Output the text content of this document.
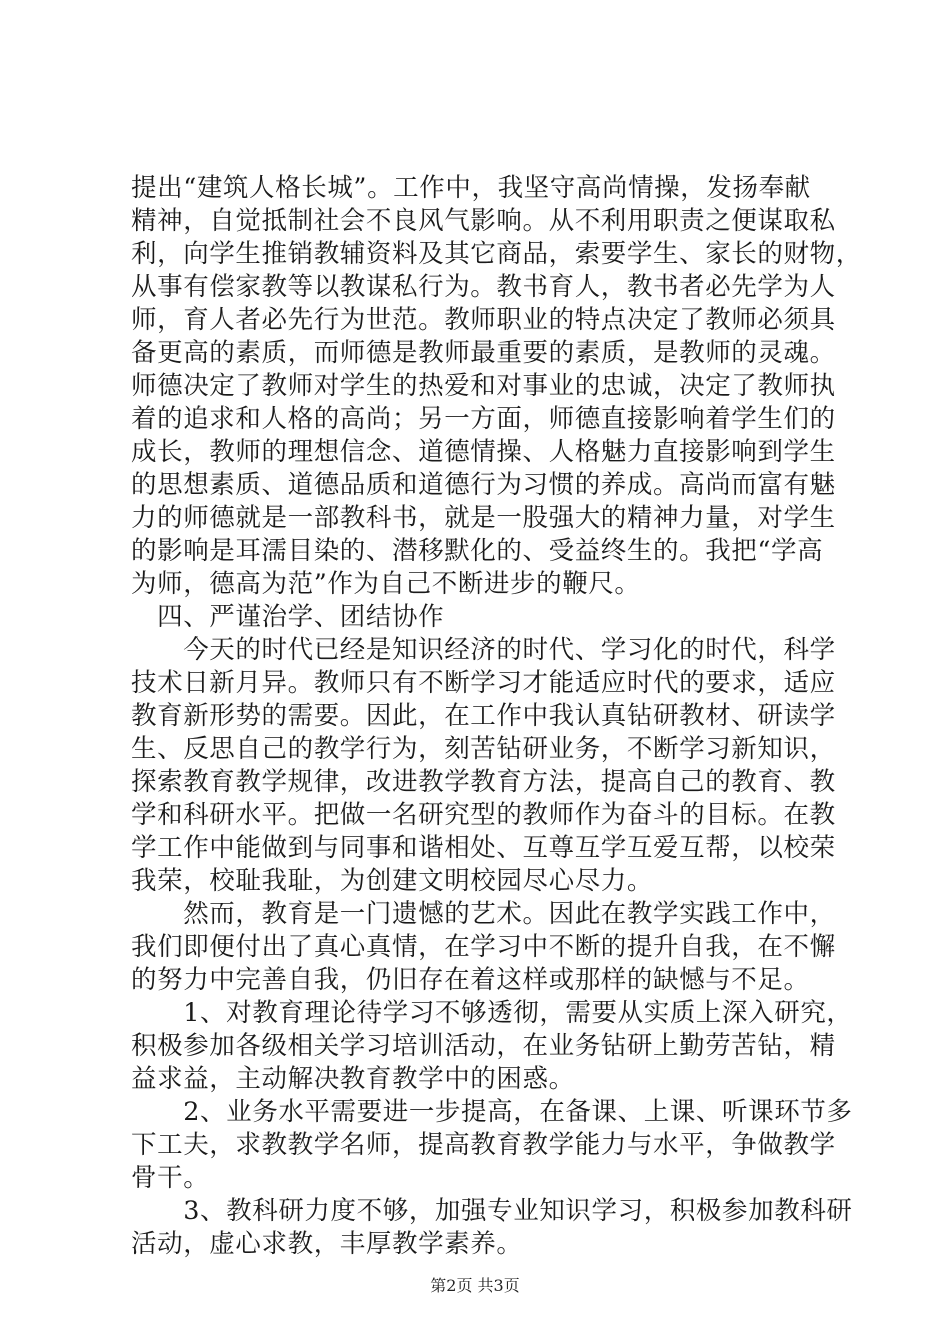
提出“建筑人格长城”。工作中，我坚守高尚情操，发扬奉献
精神，自觉抵制社会不良风气影响。从不利用职责之便谋取私
利，向学生推销教辅资料及其它商品，索要学生、家长的财物，
从事有偿家教等以教谋私行为。教书育人，教书者必先学为人
师，育人者必先行为世范。教师职业的特点决定了教师必须具
备更高的素质，而师德是教师最重要的素质，是教师的灵魂。
师德决定了教师对学生的热爱和对事业的忠诚，决定了教师执
着的追求和人格的高尚；另一方面，师德直接影响着学生们的
成长，教师的理想信念、道德情操、人格魅力直接影响到学生
的思想素质、道德品质和道德行为习惯的养成。高尚而富有魅
力的师德就是一部教科书，就是一股强大的精神力量，对学生
的影响是耳濡目染的、潜移默化的、受益终生的。我把“学高
为师，德高为范”作为自己不断进步的鞭尺。
　四、严谨治学、团结协作
　　今天的时代已经是知识经济的时代、学习化的时代，科学
技术日新月异。教师只有不断学习才能适应时代的要求，适应
教育新形势的需要。因此，在工作中我认真钻研教材、研读学
生、反思自己的教学行为，刻苦钻研业务，不断学习新知识，
探索教育教学规律，改进教学教育方法，提高自己的教育、教
学和科研水平。把做一名研究型的教师作为奋斗的目标。在教
学工作中能做到与同事和谐相处、互尊互学互爱互帮，以校荣
我荣，校耻我耻，为创建文明校园尽心尽力。
　　然而，教育是一门遗憾的艺术。因此在教学实践工作中，
我们即便付出了真心真情，在学习中不断的提升自我，在不懈
的努力中完善自我，仍旧存在着这样或那样的缺憾与不足。
　　1、对教育理论待学习不够透彻，需要从实质上深入研究，
积极参加各级相关学习培训活动，在业务钻研上勤劳苦钻，精
益求益，主动解决教育教学中的困惑。
　　2、业务水平需要进一步提高，在备课、上课、听课环节多
下工夫，求教教学名师，提高教育教学能力与水平，争做教学
骨干。
　　3、教科研力度不够，加强专业知识学习，积极参加教科研
活动，虚心求教，丰厚教学素养。
第2页 共3页
